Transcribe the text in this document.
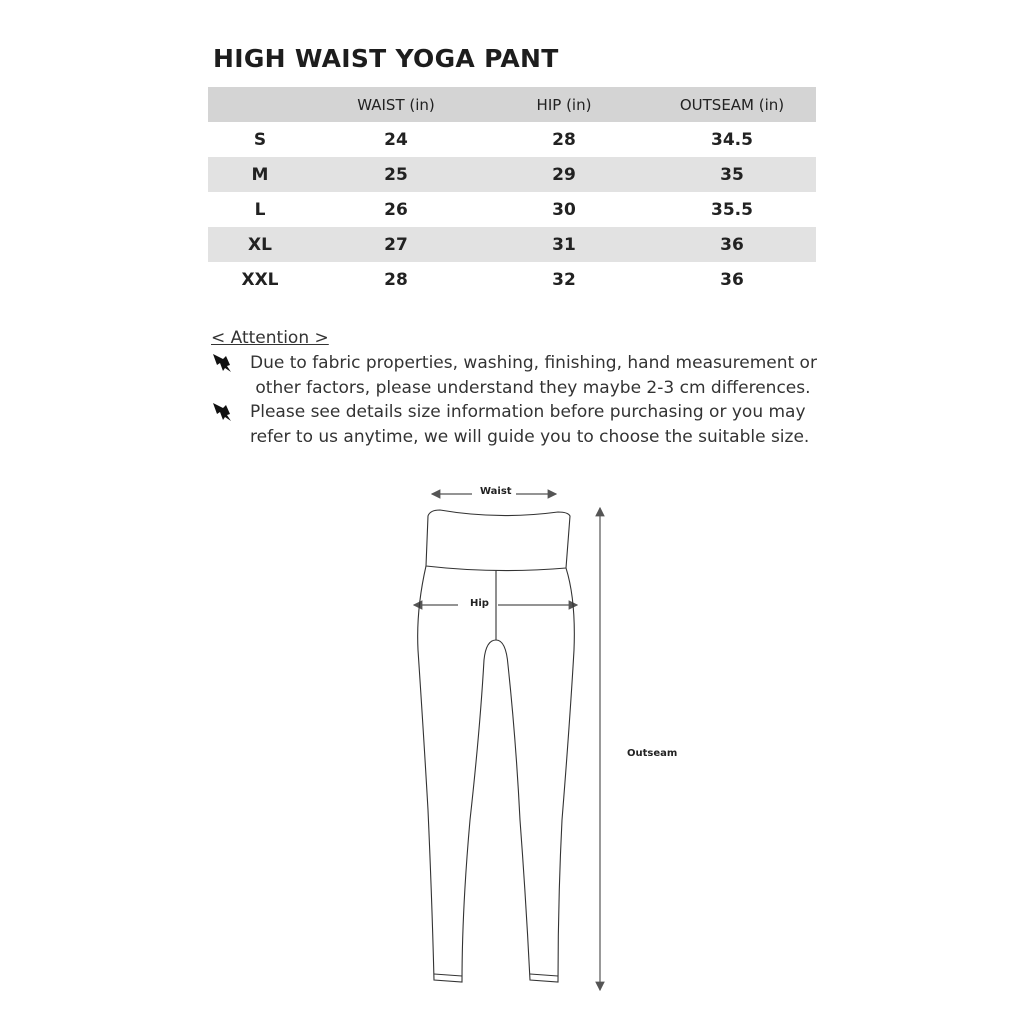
HIGH WAIST YOGA PANT
	WAIST (in)	HIP (in)	OUTSEAM (in)
S	24	28	34.5
M	25	29	35
L	26	30	35.5
XL	27	31	36
XXL	28	32	36
< Attention >
Due to fabric properties, washing, finishing, hand measurement or
other factors, please understand they maybe 2-3 cm differences.
Please see details size information before purchasing or you may
refer to us anytime, we will guide you to choose the suitable size.
Waist
Hip
Outseam
